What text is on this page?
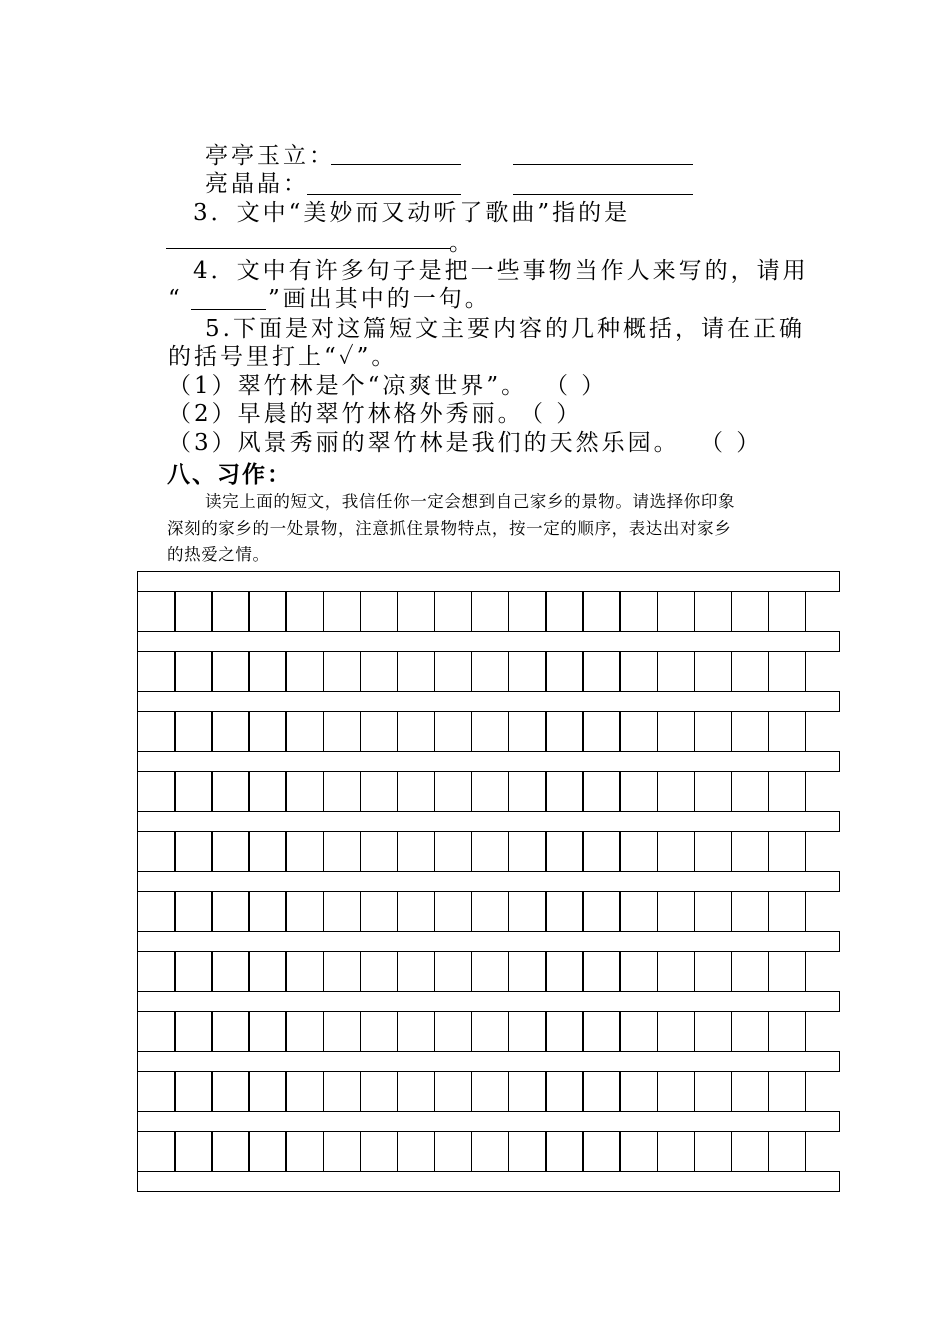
亭亭玉立：
亮晶晶：
3．文中“美妙而又动听了歌曲”指的是
。
4．文中有许多句子是把一些事物当作人来写的，请用
“	”画出其中的一句。
5.下面是对这篇短文主要内容的几种概括，请在正确
的括号里打上“✓”。
（1）翠竹林是个“凉爽世界”。 （ ）
（2）早晨的翠竹林格外秀丽。
（ ）
（3）风景秀丽的翠竹林是我们的天然乐园。 （ ）
八、习作：
读完上面的短文，我信任你一定会想到自己家乡的景物。请选择你印象
深刻的家乡的一处景物，注意抓住景物特点，按一定的顺序，表达出对家乡
的热爱之情。
